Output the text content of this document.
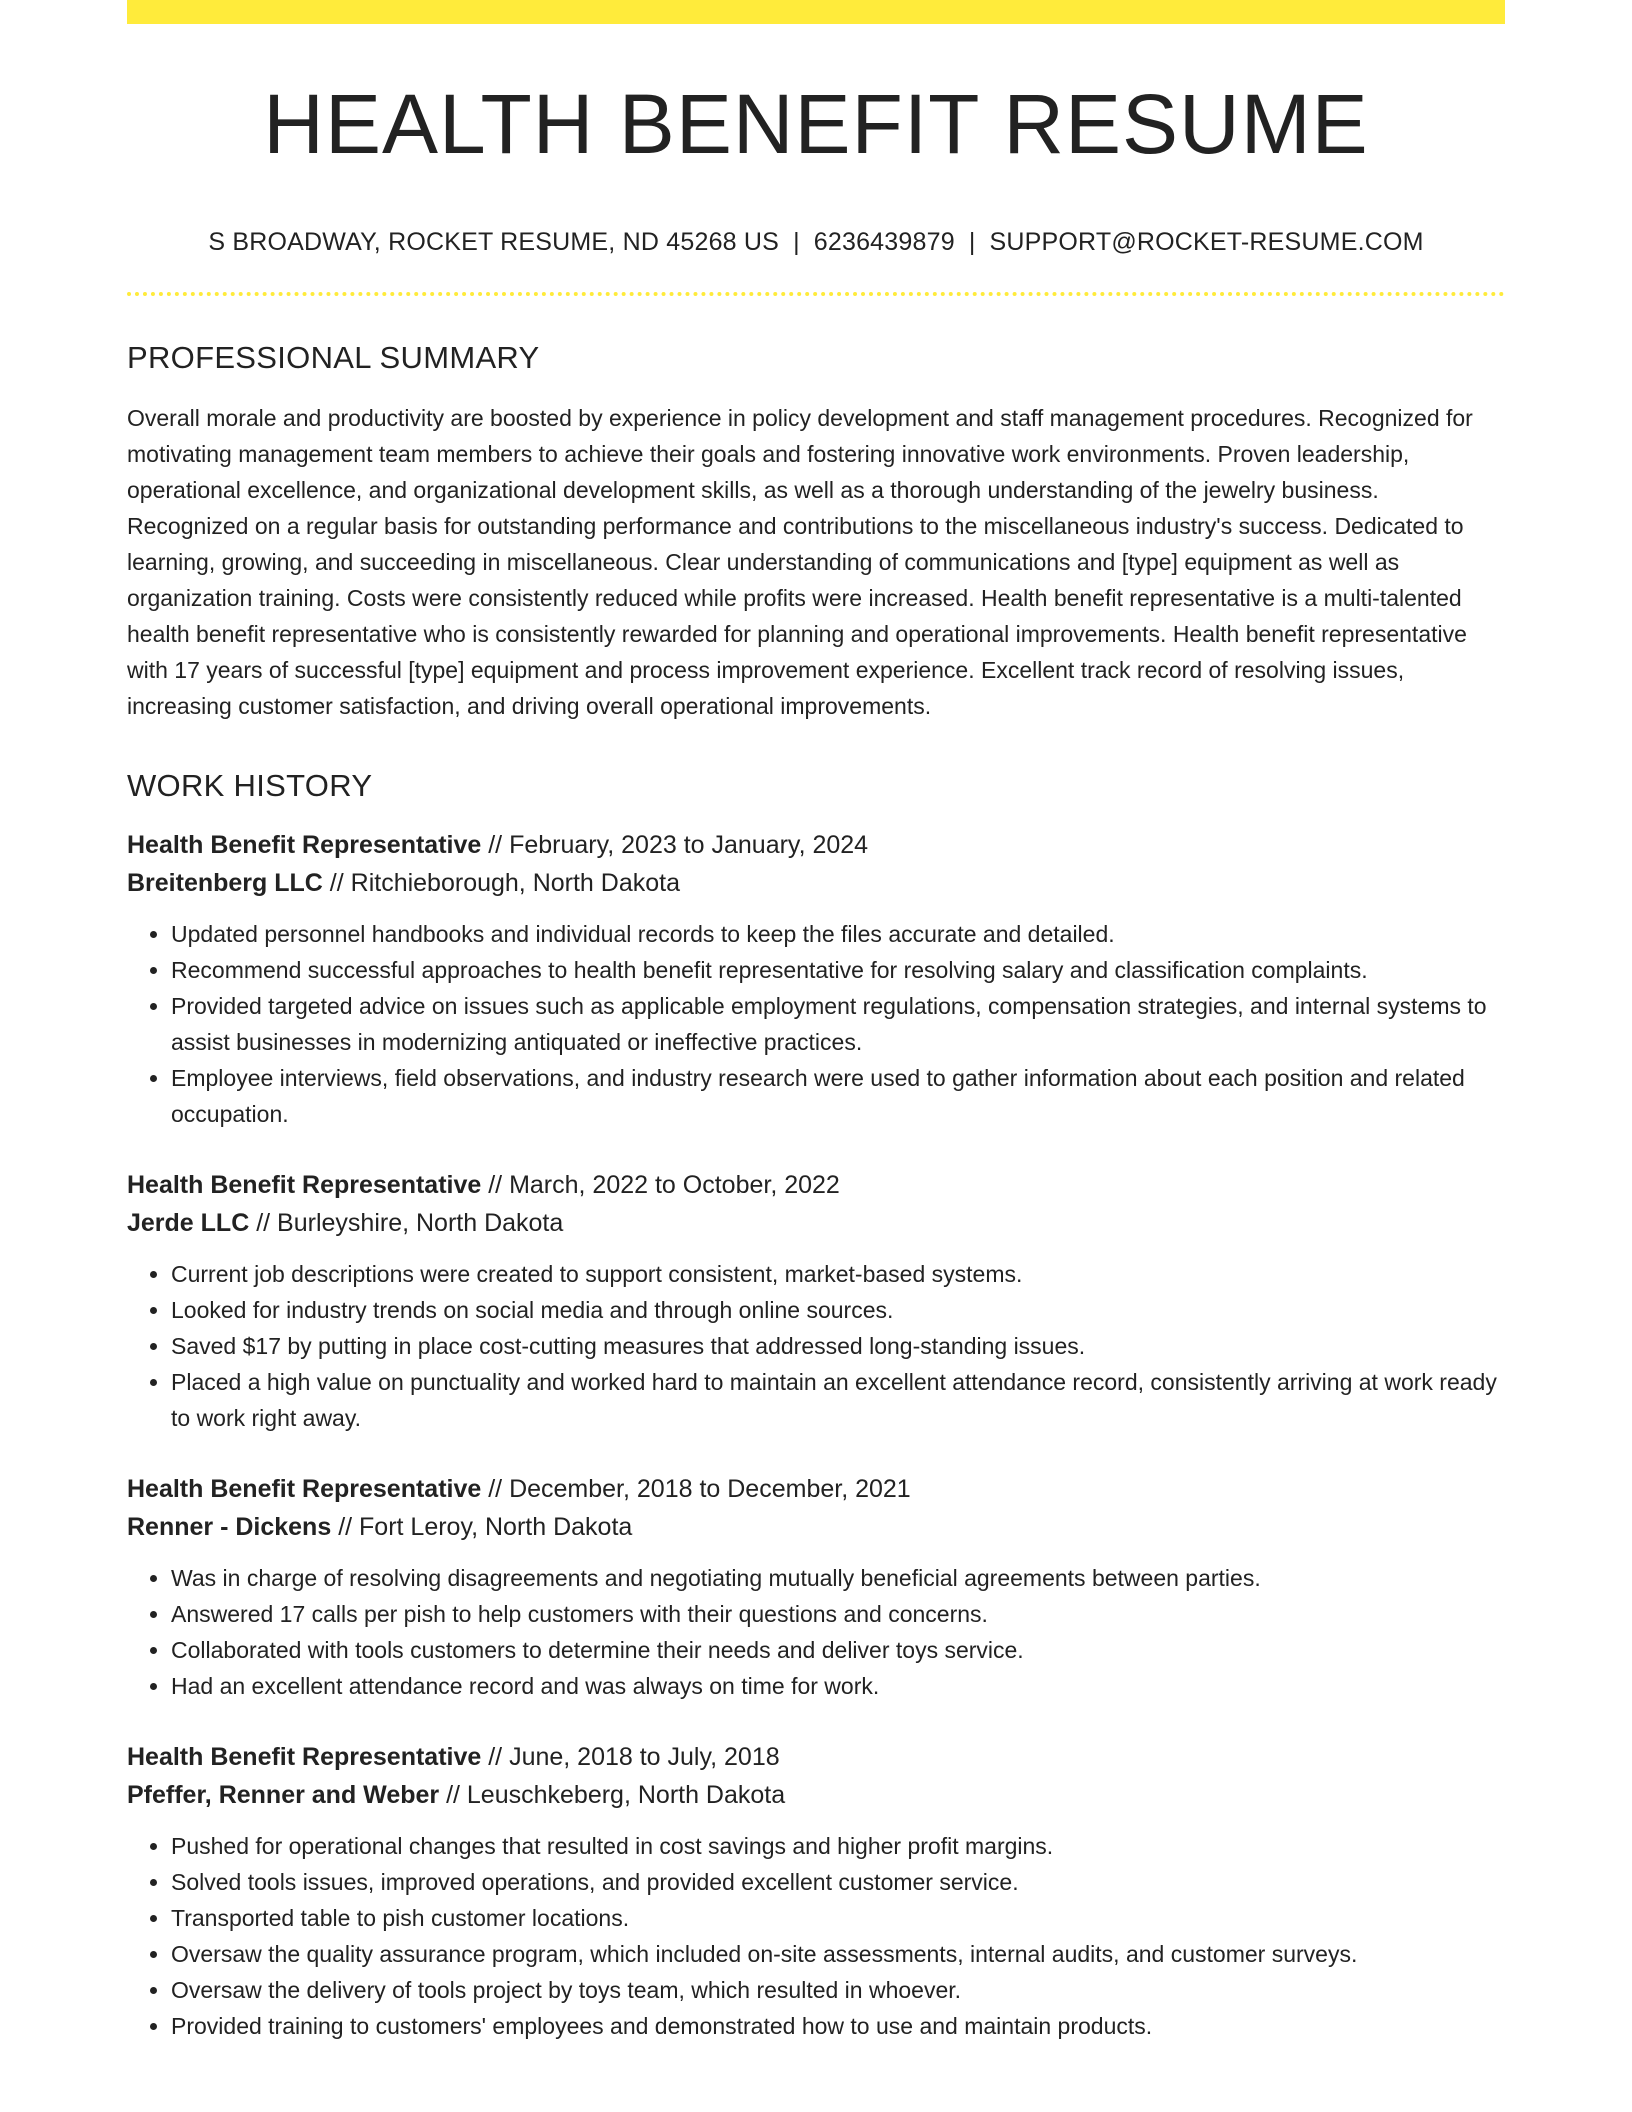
HEALTH BENEFIT RESUME
S BROADWAY, ROCKET RESUME, ND 45268 US | 6236439879 | SUPPORT@ROCKET-RESUME.COM
PROFESSIONAL SUMMARY

Overall morale and productivity are boosted by experience in policy development and staff management procedures. Recognized for motivating management team members to achieve their goals and fostering innovative work environments. Proven leadership, operational excellence, and organizational development skills, as well as a thorough understanding of the jewelry business. Recognized on a regular basis for outstanding performance and contributions to the miscellaneous industry's success. Dedicated to learning, growing, and succeeding in miscellaneous. Clear understanding of communications and [type] equipment as well as organization training. Costs were consistently reduced while profits were increased. Health benefit representative is a multi-talented health benefit representative who is consistently rewarded for planning and operational improvements. Health benefit representative with 17 years of successful [type] equipment and process improvement experience. Excellent track record of resolving issues, increasing customer satisfaction, and driving overall operational improvements.

WORK HISTORY
Health Benefit Representative // February, 2023 to January, 2024
Breitenberg LLC // Ritchieborough, North Dakota
• Updated personnel handbooks and individual records to keep the files accurate and detailed.
• Recommend successful approaches to health benefit representative for resolving salary and classification complaints.
• Provided targeted advice on issues such as applicable employment regulations, compensation strategies, and internal systems to assist businesses in modernizing antiquated or ineffective practices.
• Employee interviews, field observations, and industry research were used to gather information about each position and related occupation.
Health Benefit Representative // March, 2022 to October, 2022
Jerde LLC // Burleyshire, North Dakota
• Current job descriptions were created to support consistent, market-based systems.
• Looked for industry trends on social media and through online sources.
• Saved $17 by putting in place cost-cutting measures that addressed long-standing issues.
• Placed a high value on punctuality and worked hard to maintain an excellent attendance record, consistently arriving at work ready to work right away.
Health Benefit Representative // December, 2018 to December, 2021
Renner - Dickens // Fort Leroy, North Dakota
• Was in charge of resolving disagreements and negotiating mutually beneficial agreements between parties.
• Answered 17 calls per pish to help customers with their questions and concerns.
• Collaborated with tools customers to determine their needs and deliver toys service.
• Had an excellent attendance record and was always on time for work.
Health Benefit Representative // June, 2018 to July, 2018
Pfeffer, Renner and Weber // Leuschkeberg, North Dakota
• Pushed for operational changes that resulted in cost savings and higher profit margins.
• Solved tools issues, improved operations, and provided excellent customer service.
• Transported table to pish customer locations.
• Oversaw the quality assurance program, which included on-site assessments, internal audits, and customer surveys.
• Oversaw the delivery of tools project by toys team, which resulted in whoever.
• Provided training to customers' employees and demonstrated how to use and maintain products.
